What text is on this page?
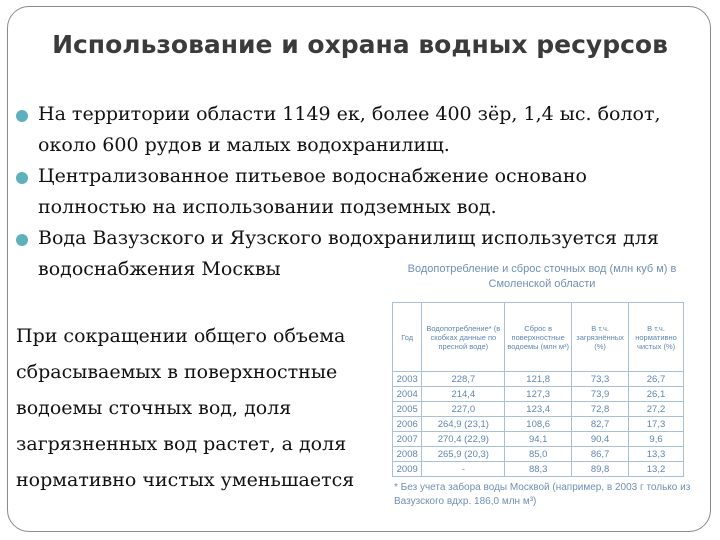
Использование и охрана водных ресурсов
На территории области 1149 ек, более 400 зёр, 1,4 ыс. болот, около 600 рудов и малых водохранилищ.
Централизованное питьевое водоснабжение основано полностью на использовании подземных вод.
Вода Вазузского и Яузского водохранилищ используется для водоснабжения Москвы
При сокращении общего объема сбрасываемых в поверхностные водоемы сточных вод, доля загрязненных вод растет, а доля нормативно чистых уменьшается
Водопотребление и сброс сточных вод (млн куб м) в Смоленской области
Год	Водопотребление* (в скобках данные по пресной воде)	Сброс в поверхностные водоемы (млн м³)	В т.ч. загрязнённых (%)	В т.ч. нормативно чистых (%)
2003	228,7	121,8	73,3	26,7
2004	214,4	127,3	73,9	26,1
2005	227,0	123,4	72,8	27,2
2006	264,9 (23,1)	108,6	82,7	17,3
2007	270,4 (22,9)	94,1	90,4	9,6
2008	265,9 (20,3)	85,0	86,7	13,3
2009	-	88,3	89,8	13,2
* Без учета забора воды Москвой (например, в 2003 г только из Вазузского вдхр. 186,0 млн м³)
